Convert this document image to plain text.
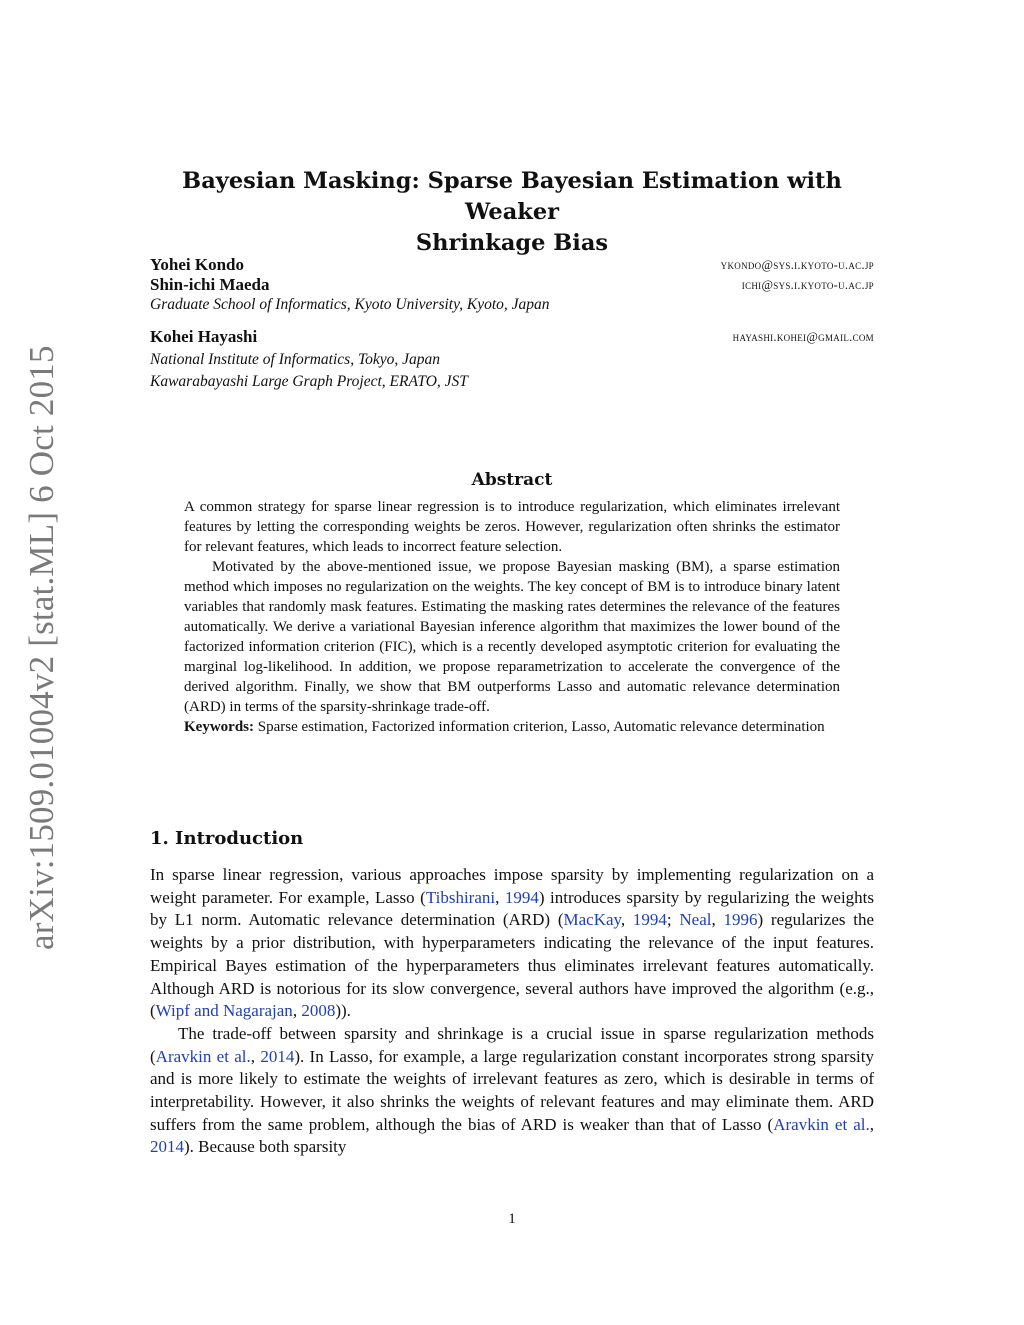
arXiv:1509.01004v2 [stat.ML] 6 Oct 2015
Bayesian Masking: Sparse Bayesian Estimation with Weaker
Shrinkage Bias
Yohei Kondo	ykondo@sys.i.kyoto-u.ac.jp
Shin-ichi Maeda	ichi@sys.i.kyoto-u.ac.jp
Graduate School of Informatics, Kyoto University, Kyoto, Japan
Kohei Hayashi	hayashi.kohei@gmail.com
National Institute of Informatics, Tokyo, Japan
Kawarabayashi Large Graph Project, ERATO, JST
Abstract

A common strategy for sparse linear regression is to introduce regularization, which eliminates irrelevant features by letting the corresponding weights be zeros. However, regularization often shrinks the estimator for relevant features, which leads to incorrect feature selection.

Motivated by the above-mentioned issue, we propose Bayesian masking (BM), a sparse estimation method which imposes no regularization on the weights. The key concept of BM is to introduce binary latent variables that randomly mask features. Estimating the masking rates determines the relevance of the features automatically. We derive a variational Bayesian inference algorithm that maximizes the lower bound of the factorized information criterion (FIC), which is a recently developed asymptotic criterion for evaluating the marginal log-likelihood. In addition, we propose reparametrization to accelerate the convergence of the derived algorithm. Finally, we show that BM outperforms Lasso and automatic relevance determination (ARD) in terms of the sparsity-shrinkage trade-off.

Keywords: Sparse estimation, Factorized information criterion, Lasso, Automatic relevance determination

1. Introduction

In sparse linear regression, various approaches impose sparsity by implementing regularization on a weight parameter. For example, Lasso (Tibshirani, 1994) introduces sparsity by regularizing the weights by L1 norm. Automatic relevance determination (ARD) (MacKay, 1994; Neal, 1996) regularizes the weights by a prior distribution, with hyperparameters indicating the relevance of the input features. Empirical Bayes estimation of the hyperparameters thus eliminates irrelevant features automatically. Although ARD is notorious for its slow convergence, several authors have improved the algorithm (e.g., (Wipf and Nagarajan, 2008)).

The trade-off between sparsity and shrinkage is a crucial issue in sparse regularization methods (Aravkin et al., 2014). In Lasso, for example, a large regularization constant incorporates strong sparsity and is more likely to estimate the weights of irrelevant features as zero, which is desirable in terms of interpretability. However, it also shrinks the weights of relevant features and may eliminate them. ARD suffers from the same problem, although the bias of ARD is weaker than that of Lasso (Aravkin et al., 2014). Because both sparsity

1
